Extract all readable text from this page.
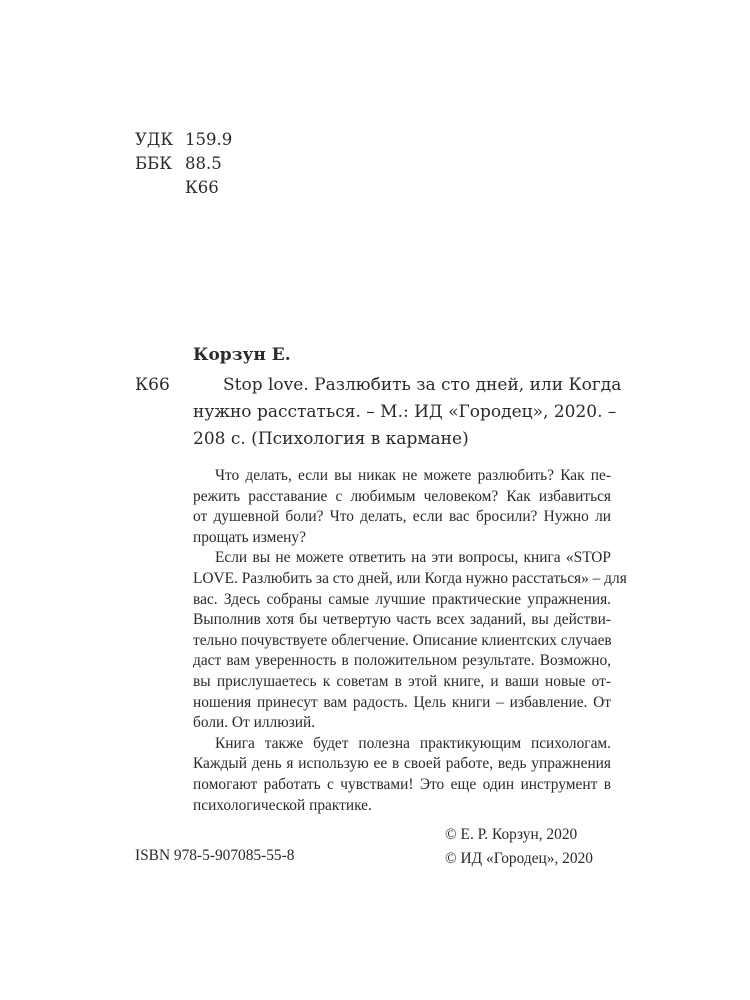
УДК 159.9
ББК 88.5
К66
Корзун Е.
К66	Stop love. Разлюбить за сто дней, или Когда
нужно расстаться. – М.: ИД «Городец», 2020. –
208 с. (Психология в кармане)
Что делать, если вы никак не можете разлюбить? Как пе-
режить расставание с любимым человеком? Как избавиться
от душевной боли? Что делать, если вас бросили? Нужно ли
прощать измену?
Если вы не можете ответить на эти вопросы, книга «STOP
LOVE. Разлюбить за сто дней, или Когда нужно расстаться» – для
вас. Здесь собраны самые лучшие практические упражнения.
Выполнив хотя бы четвертую часть всех заданий, вы действи-
тельно почувствуете облегчение. Описание клиентских случаев
даст вам уверенность в положительном результате. Возможно,
вы прислушаетесь к советам в этой книге, и ваши новые от-
ношения принесут вам радость. Цель книги – избавление. От
боли. От иллюзий.
Книга также будет полезна практикующим психологам.
Каждый день я использую ее в своей работе, ведь упражнения
помогают работать с чувствами! Это еще один инструмент в
психологической практике.
ISBN 978-5-907085-55-8
© Е. Р. Корзун, 2020
© ИД «Городец», 2020
